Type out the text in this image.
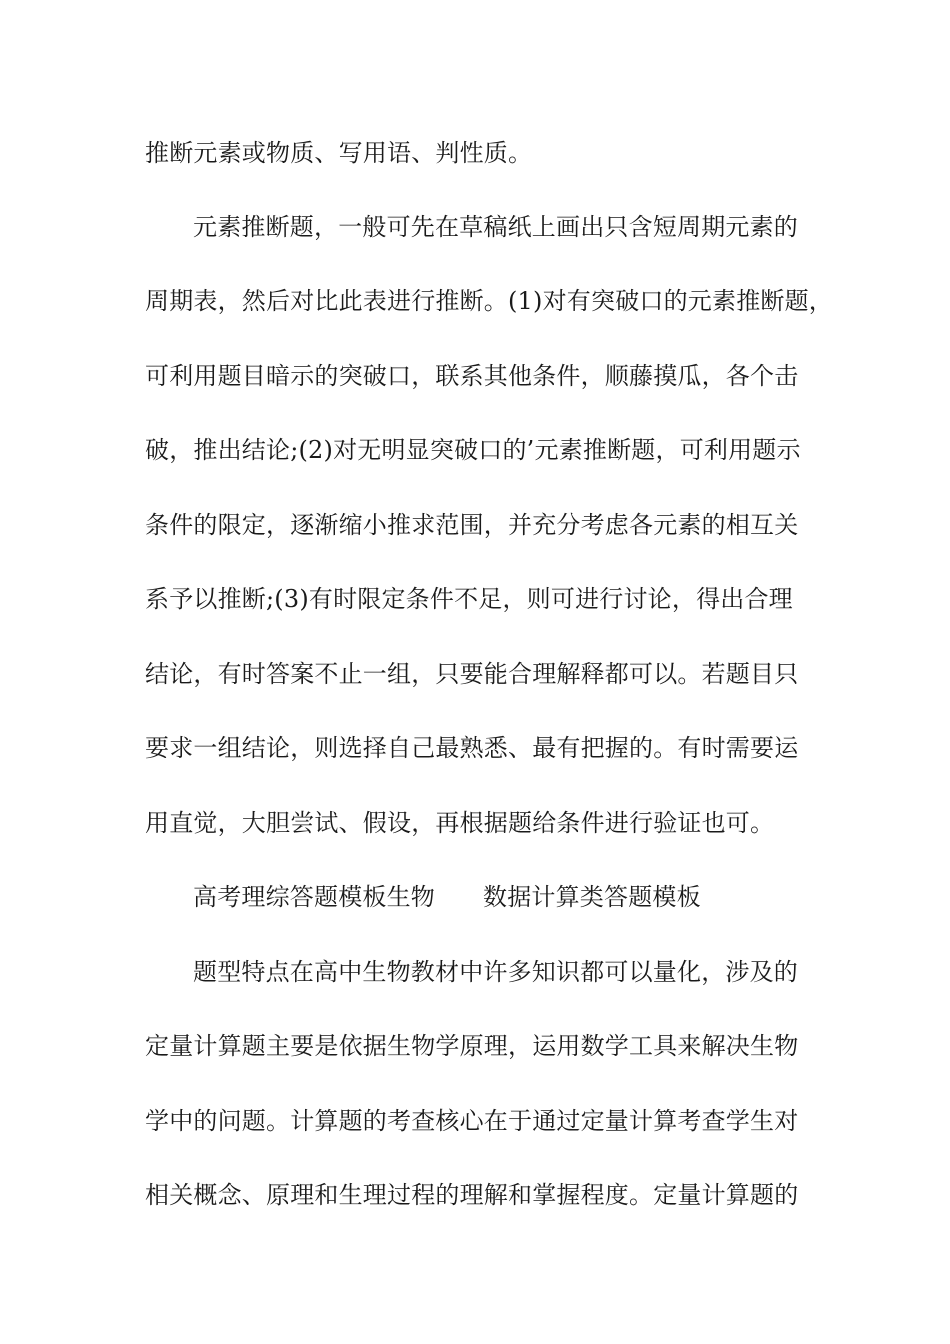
推断元素或物质、写用语、判性质。
元素推断题，一般可先在草稿纸上画出只含短周期元素的
周期表，然后对比此表进行推断。(1)对有突破口的元素推断题，
可利用题目暗示的突破口，联系其他条件，顺藤摸瓜，各个击
破，推出结论;(2)对无明显突破口的’元素推断题，可利用题示
条件的限定，逐渐缩小推求范围，并充分考虑各元素的相互关
系予以推断;(3)有时限定条件不足，则可进行讨论，得出合理
结论，有时答案不止一组，只要能合理解释都可以。若题目只
要求一组结论，则选择自己最熟悉、最有把握的。有时需要运
用直觉，大胆尝试、假设，再根据题给条件进行验证也可。
高考理综答题模板生物 数据计算类答题模板
题型特点在高中生物教材中许多知识都可以量化，涉及的
定量计算题主要是依据生物学原理，运用数学工具来解决生物
学中的问题。计算题的考查核心在于通过定量计算考查学生对
相关概念、原理和生理过程的理解和掌握程度。定量计算题的
